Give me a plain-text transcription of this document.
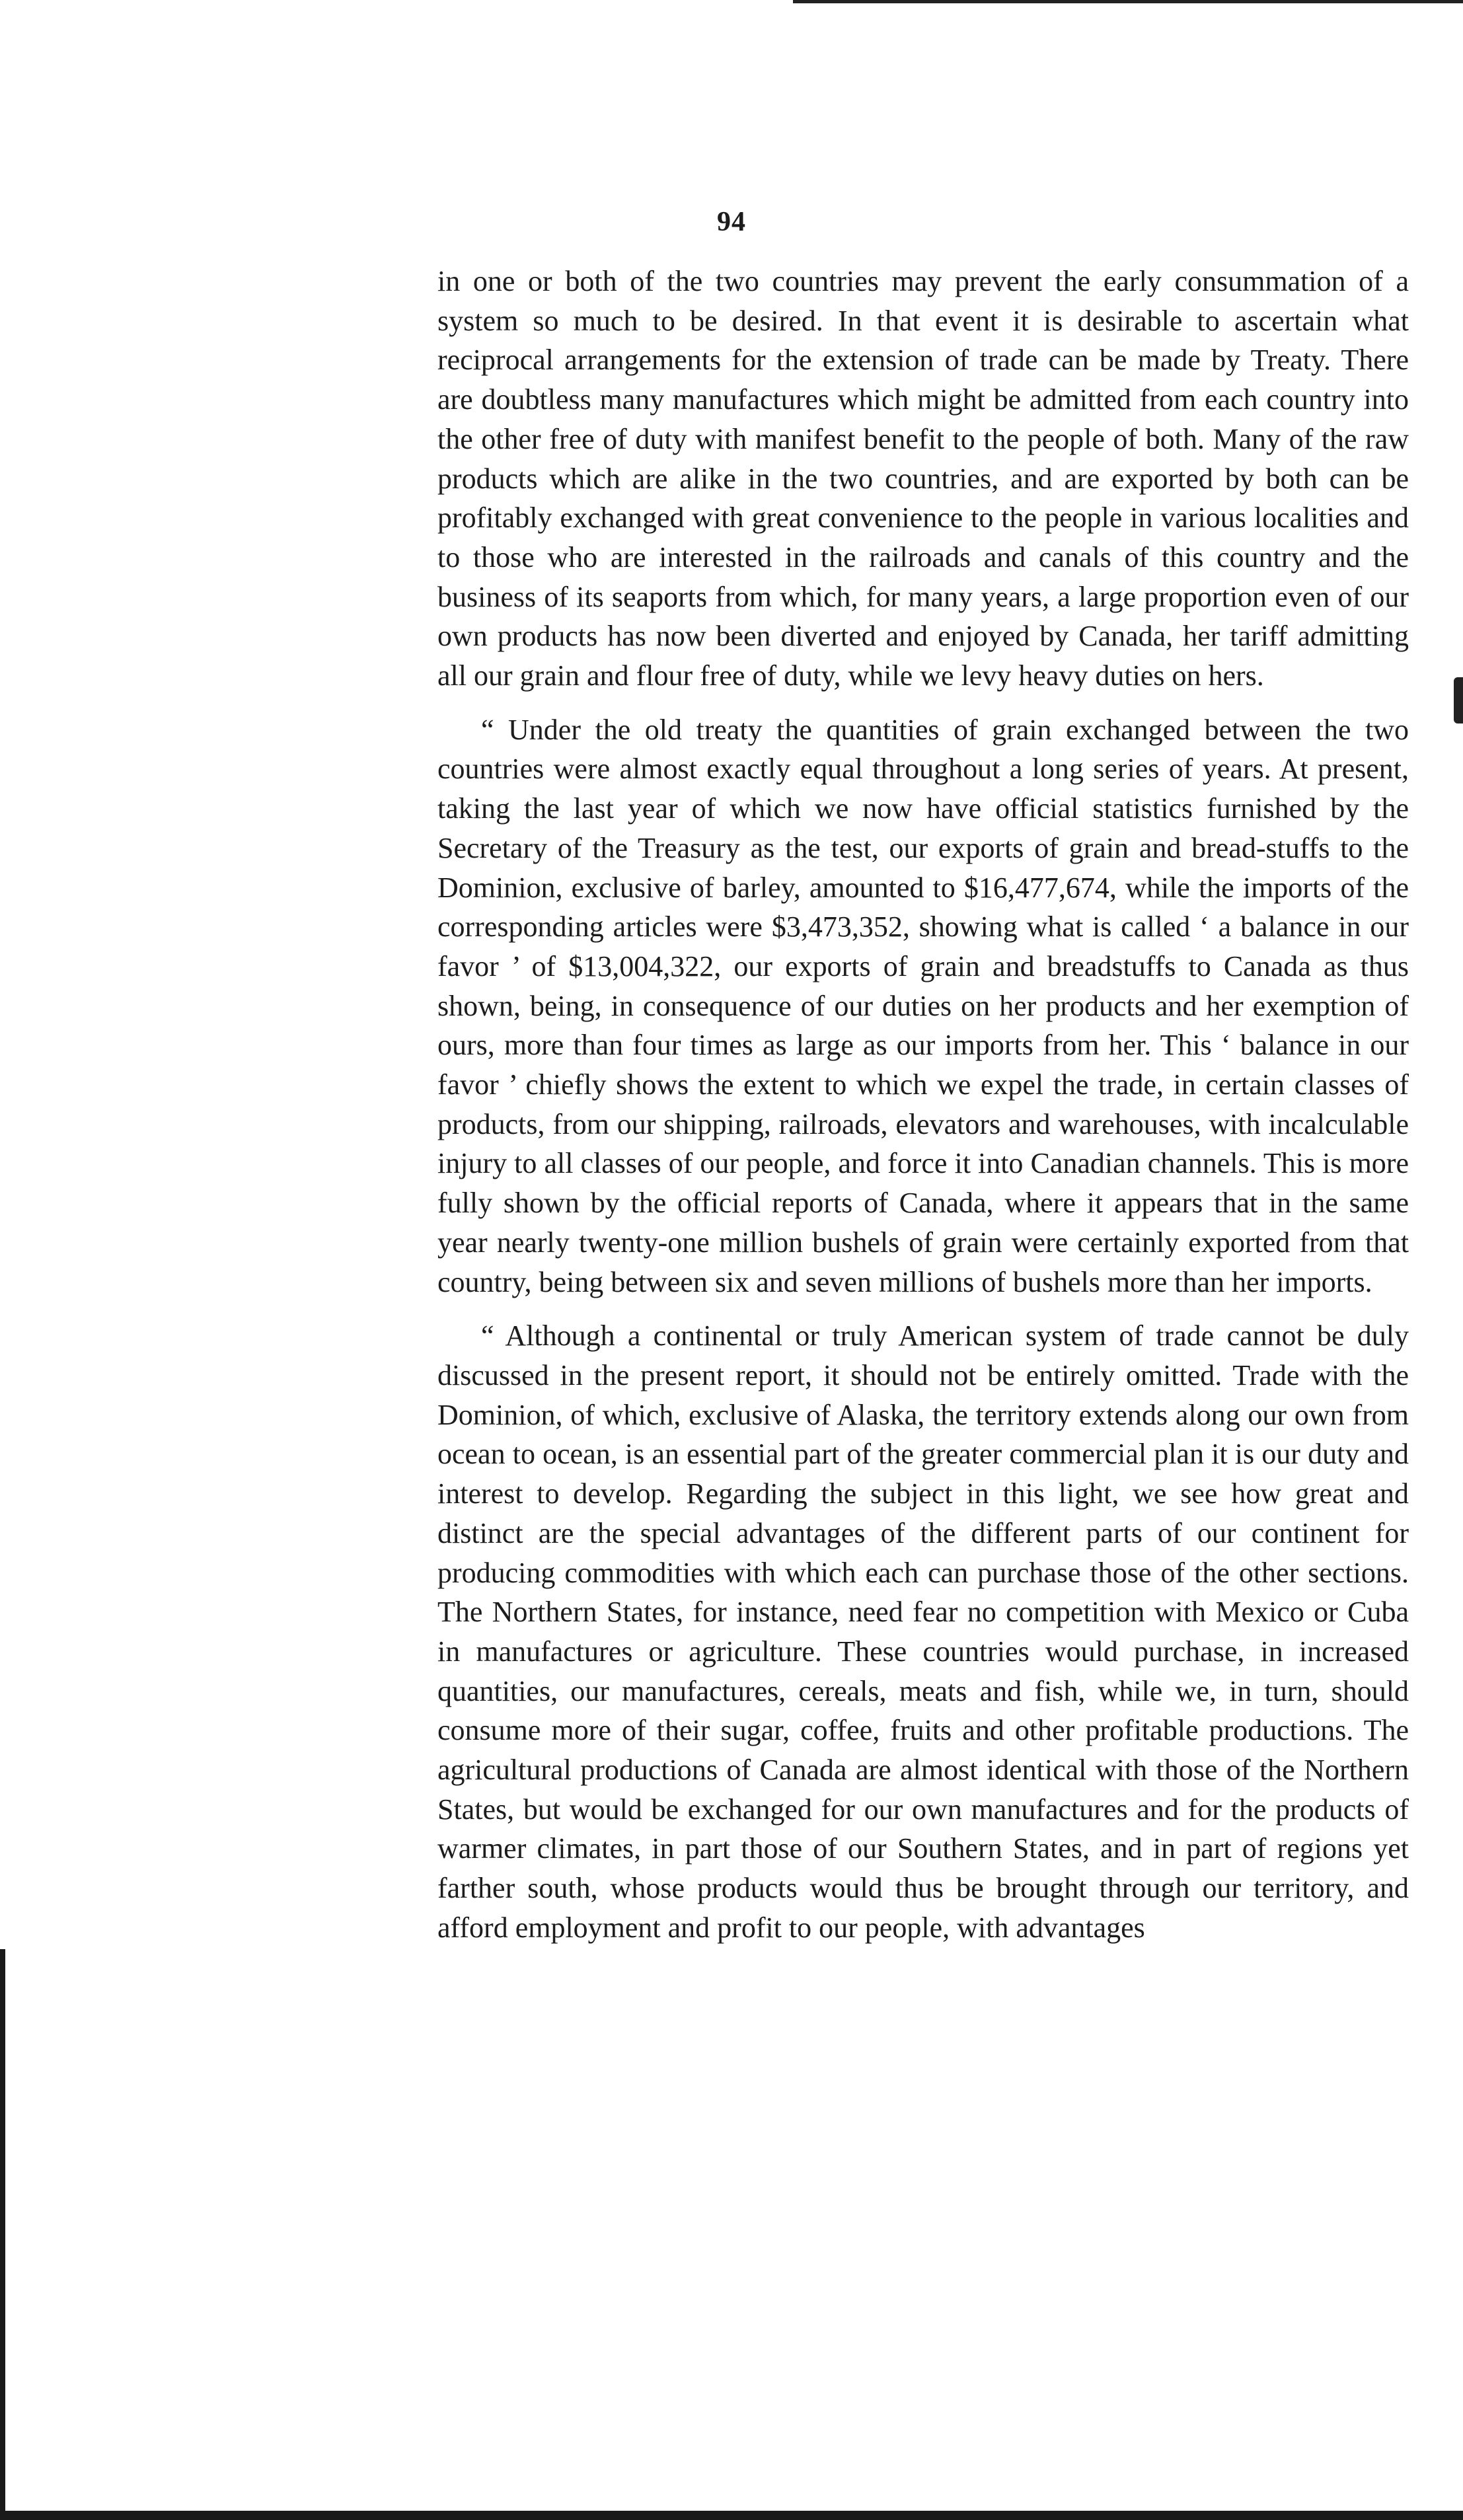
94

in one or both of the two countries may prevent the early consummation of a system so much to be desired. In that event it is desirable to ascertain what reciprocal arrangements for the extension of trade can be made by Treaty. There are doubtless many manufactures which might be admitted from each country into the other free of duty with manifest benefit to the people of both. Many of the raw products which are alike in the two countries, and are exported by both can be profitably exchanged with great convenience to the people in various localities and to those who are interested in the railroads and canals of this country and the business of its seaports from which, for many years, a large proportion even of our own products has now been diverted and enjoyed by Canada, her tariff admitting all our grain and flour free of duty, while we levy heavy duties on hers.

“ Under the old treaty the quantities of grain exchanged between the two countries were almost exactly equal throughout a long series of years. At present, taking the last year of which we now have official statistics furnished by the Secretary of the Treasury as the test, our exports of grain and bread-stuffs to the Dominion, exclusive of barley, amounted to $16,477,674, while the imports of the corresponding articles were $3,473,352, showing what is called ‘ a balance in our favor ’ of $13,004,322, our exports of grain and breadstuffs to Canada as thus shown, being, in consequence of our duties on her products and her exemption of ours, more than four times as large as our imports from her. This ‘ balance in our favor ’ chiefly shows the extent to which we expel the trade, in certain classes of products, from our shipping, railroads, elevators and warehouses, with incalculable injury to all classes of our people, and force it into Canadian channels. This is more fully shown by the official reports of Canada, where it appears that in the same year nearly twenty-one million bushels of grain were certainly exported from that country, being between six and seven millions of bushels more than her imports.

“ Although a continental or truly American system of trade cannot be duly discussed in the present report, it should not be entirely omitted. Trade with the Dominion, of which, exclusive of Alaska, the territory extends along our own from ocean to ocean, is an essential part of the greater commercial plan it is our duty and interest to develop. Regarding the subject in this light, we see how great and distinct are the special advantages of the different parts of our continent for producing commodities with which each can purchase those of the other sections. The Northern States, for instance, need fear no competition with Mexico or Cuba in manufactures or agriculture. These countries would purchase, in increased quantities, our manufactures, cereals, meats and fish, while we, in turn, should consume more of their sugar, coffee, fruits and other profitable productions. The agricultural productions of Canada are almost identical with those of the Northern States, but would be exchanged for our own manufactures and for the products of warmer climates, in part those of our Southern States, and in part of regions yet farther south, whose products would thus be brought through our territory, and afford employment and profit to our people, with advantages
